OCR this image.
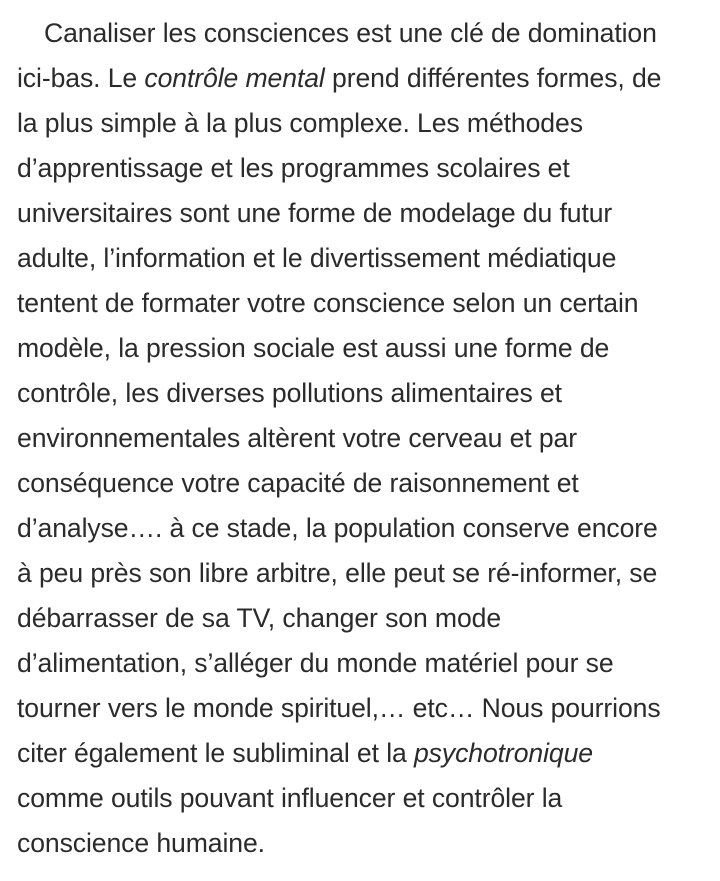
Canaliser les consciences est une clé de domination
ici-bas. Le contrôle mental prend différentes formes, de
la plus simple à la plus complexe. Les méthodes
d’apprentissage et les programmes scolaires et
universitaires sont une forme de modelage du futur
adulte, l’information et le divertissement médiatique
tentent de formater votre conscience selon un certain
modèle, la pression sociale est aussi une forme de
contrôle, les diverses pollutions alimentaires et
environnementales altèrent votre cerveau et par
conséquence votre capacité de raisonnement et
d’analyse…. à ce stade, la population conserve encore
à peu près son libre arbitre, elle peut se ré-informer, se
débarrasser de sa TV, changer son mode
d’alimentation, s’alléger du monde matériel pour se
tourner vers le monde spirituel,… etc… Nous pourrions
citer également le subliminal et la psychotronique
comme outils pouvant influencer et contrôler la
conscience humaine.
